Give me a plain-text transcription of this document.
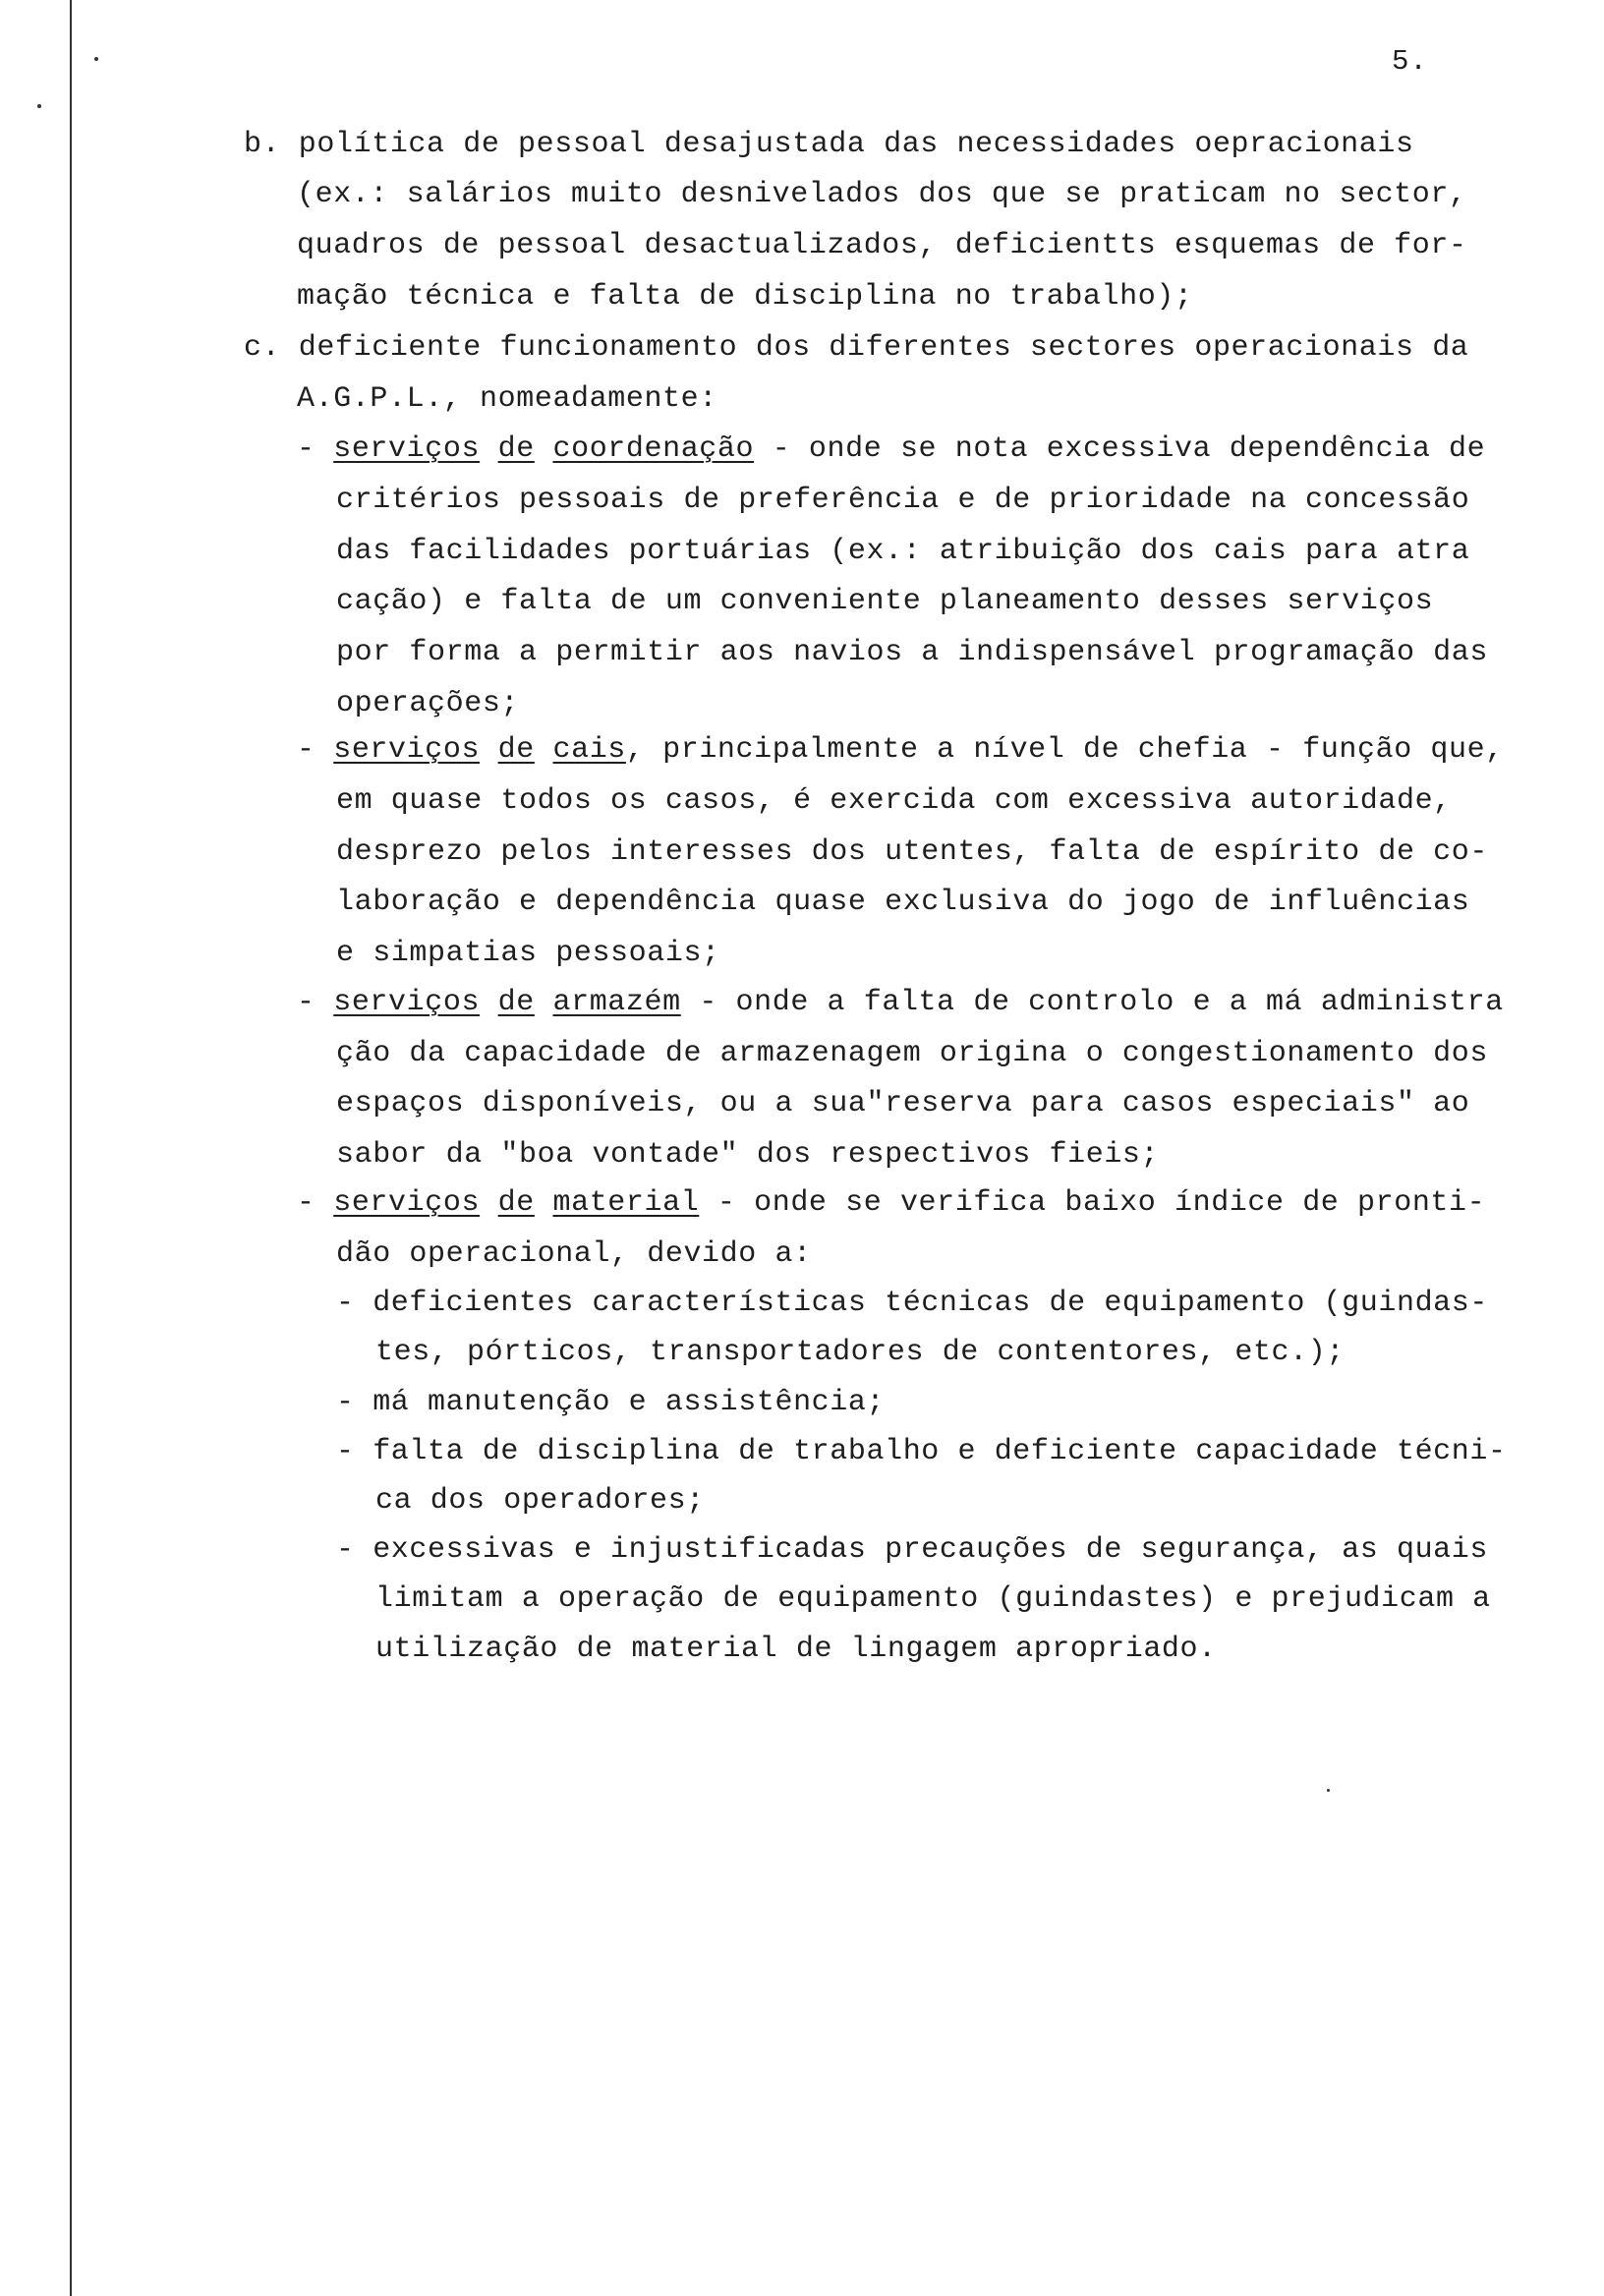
5.
b. política de pessoal desajustada das necessidades oepracionais
(ex.: salários muito desnivelados dos que se praticam no sector,
quadros de pessoal desactualizados, deficientts esquemas de for-
mação técnica e falta de disciplina no trabalho);
c. deficiente funcionamento dos diferentes sectores operacionais da
A.G.P.L., nomeadamente:
- serviços de coordenação - onde se nota excessiva dependência de
critérios pessoais de preferência e de prioridade na concessão
das facilidades portuárias (ex.: atribuição dos cais para atra
cação) e falta de um conveniente planeamento desses serviços
por forma a permitir aos navios a indispensável programação das
operações;
- serviços de cais, principalmente a nível de chefia - função que,
em quase todos os casos, é exercida com excessiva autoridade,
desprezo pelos interesses dos utentes, falta de espírito de co-
laboração e dependência quase exclusiva do jogo de influências
e simpatias pessoais;
- serviços de armazém - onde a falta de controlo e a má administra
ção da capacidade de armazenagem origina o congestionamento dos
espaços disponíveis, ou a sua"reserva para casos especiais" ao
sabor da "boa vontade" dos respectivos fieis;
- serviços de material - onde se verifica baixo índice de pronti-
dão operacional, devido a:
- deficientes características técnicas de equipamento (guindas-
tes, pórticos, transportadores de contentores, etc.);
- má manutenção e assistência;
- falta de disciplina de trabalho e deficiente capacidade técni-
ca dos operadores;
- excessivas e injustificadas precauções de segurança, as quais
limitam a operação de equipamento (guindastes) e prejudicam a
utilização de material de lingagem apropriado.
